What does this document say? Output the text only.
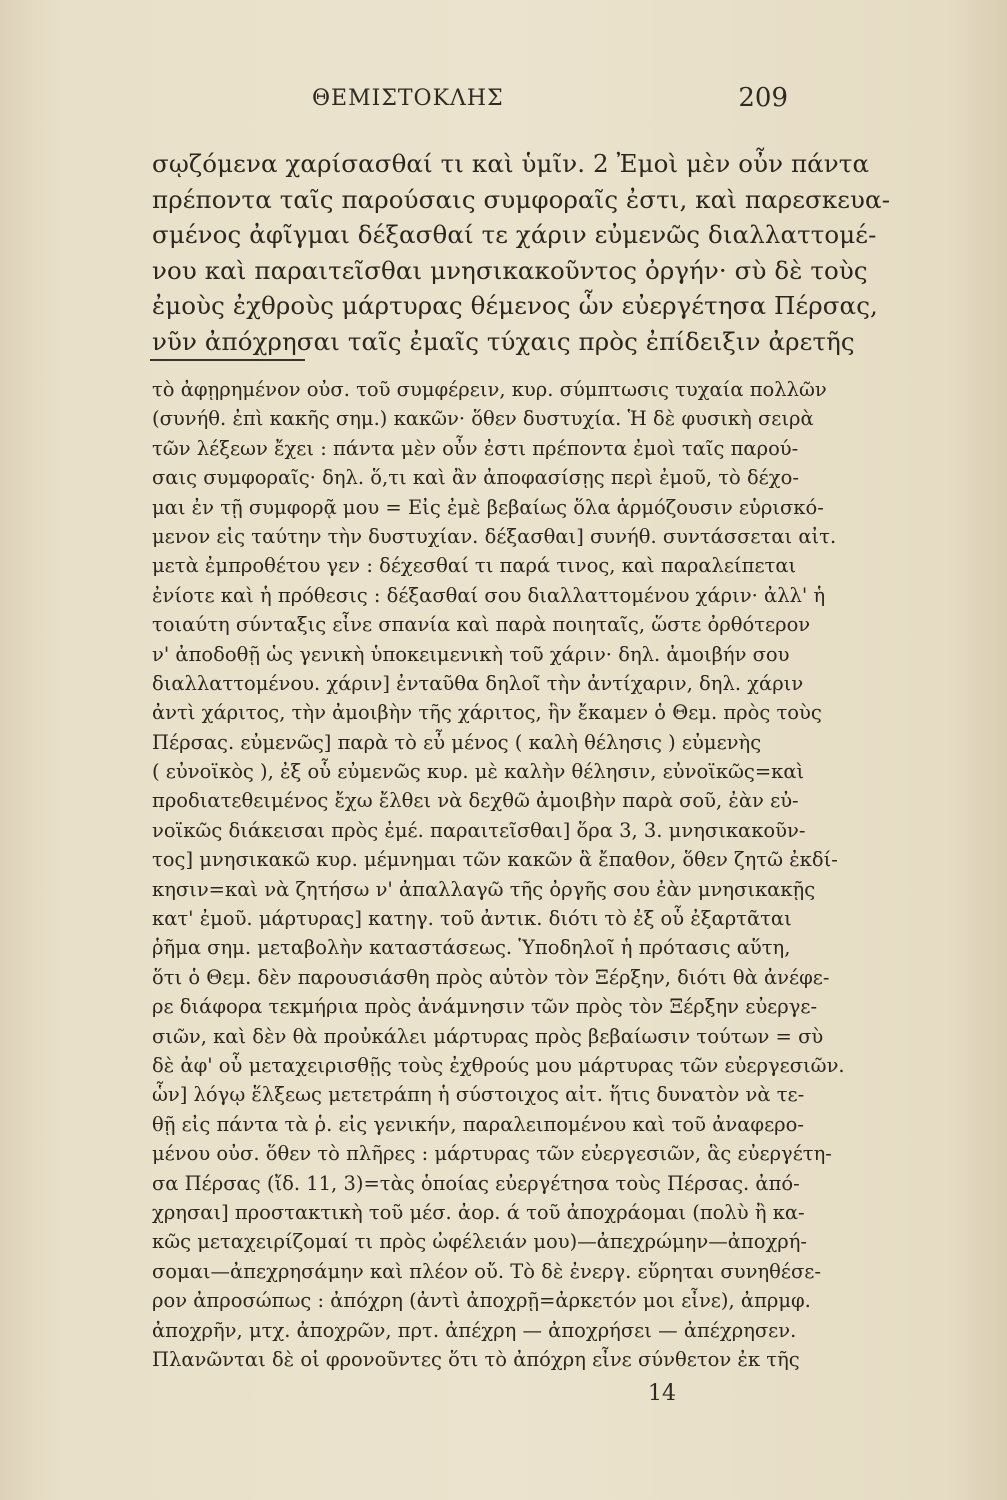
ΘΕΜΙΣΤΟΚΛΗΣ	209
σῳζόμενα χαρίσασθαί τι καὶ ὑμῖν. 2 Ἐμοὶ μὲν οὖν πάντα
πρέποντα ταῖς παρούσαις συμφοραῖς ἐστι, καὶ παρεσκευα-
σμένος ἀφῖγμαι δέξασθαί τε χάριν εὐμενῶς διαλλαττομέ-
νου καὶ παραιτεῖσθαι μνησικακοῦντος ὀργήν· σὺ δὲ τοὺς
ἐμοὺς ἐχθροὺς μάρτυρας θέμενος ὧν εὐεργέτησα Πέρσας,
νῦν ἀπόχρησαι ταῖς ἐμαῖς τύχαις πρὸς ἐπίδειξιν ἀρετῆς
τὸ ἀφῃρημένον οὐσ. τοῦ συμφέρειν, κυρ. σύμπτωσις τυχαία πολλῶν
(συνήθ. ἐπὶ κακῆς σημ.) κακῶν· ὅθεν δυστυχία. Ἡ δὲ φυσικὴ σειρὰ
τῶν λέξεων ἔχει : πάντα μὲν οὖν ἐστι πρέποντα ἐμοὶ ταῖς παρού-
σαις συμφοραῖς· δηλ. ὅ,τι καὶ ἂν ἀποφασίσῃς περὶ ἐμοῦ, τὸ δέχο-
μαι ἐν τῇ συμφορᾷ μου = Εἰς ἐμὲ βεβαίως ὅλα ἁρμόζουσιν εὑρισκό-
μενον εἰς ταύτην τὴν δυστυχίαν. δέξασθαι] συνήθ. συντάσσεται αἰτ.
μετὰ ἐμπροθέτου γεν : δέχεσθαί τι παρά τινος, καὶ παραλείπεται
ἐνίοτε καὶ ἡ πρόθεσις : δέξασθαί σου διαλλαττομένου χάριν· ἀλλ' ἡ
τοιαύτη σύνταξις εἶνε σπανία καὶ παρὰ ποιηταῖς, ὥστε ὀρθότερον
ν' ἀποδοθῇ ὡς γενικὴ ὑποκειμενικὴ τοῦ χάριν· δηλ. ἀμοιβήν σου
διαλλαττομένου. χάριν] ἐνταῦθα δηλοῖ τὴν ἀντίχαριν, δηλ. χάριν
ἀντὶ χάριτος, τὴν ἀμοιβὴν τῆς χάριτος, ἣν ἔκαμεν ὁ Θεμ. πρὸς τοὺς
Πέρσας. εὐμενῶς] παρὰ τὸ εὖ μένος ( καλὴ θέλησις ) εὐμενὴς
( εὐνοϊκὸς ), ἐξ οὗ εὐμενῶς κυρ. μὲ καλὴν θέλησιν, εὐνοϊκῶς=καὶ
προδιατεθειμένος ἔχω ἔλθει νὰ δεχθῶ ἀμοιβὴν παρὰ σοῦ, ἐὰν εὐ-
νοϊκῶς διάκεισαι πρὸς ἐμέ. παραιτεῖσθαι] ὅρα 3, 3. μνησικακοῦν-
τος] μνησικακῶ κυρ. μέμνημαι τῶν κακῶν ἃ ἔπαθον, ὅθεν ζητῶ ἐκδί-
κησιν=καὶ νὰ ζητήσω ν' ἀπαλλαγῶ τῆς ὀργῆς σου ἐὰν μνησικακῇς
κατ' ἐμοῦ. μάρτυρας] κατηγ. τοῦ ἀντικ. διότι τὸ ἐξ οὗ ἐξαρτᾶται
ῥῆμα σημ. μεταβολὴν καταστάσεως. Ὑποδηλοῖ ἡ πρότασις αὕτη,
ὅτι ὁ Θεμ. δὲν παρουσιάσθη πρὸς αὐτὸν τὸν Ξέρξην, διότι θὰ ἀνέφε-
ρε διάφορα τεκμήρια πρὸς ἀνάμνησιν τῶν πρὸς τὸν Ξέρξην εὐεργε-
σιῶν, καὶ δὲν θὰ προὐκάλει μάρτυρας πρὸς βεβαίωσιν τούτων = σὺ
δὲ ἀφ' οὗ μεταχειρισθῇς τοὺς ἐχθρούς μου μάρτυρας τῶν εὐεργεσιῶν.
ὧν] λόγῳ ἕλξεως μετετράπη ἡ σύστοιχος αἰτ. ἥτις δυνατὸν νὰ τε-
θῇ εἰς πάντα τὰ ῥ. εἰς γενικήν, παραλειπομένου καὶ τοῦ ἀναφερο-
μένου οὐσ. ὅθεν τὸ πλῆρες : μάρτυρας τῶν εὐεργεσιῶν, ἃς εὐεργέτη-
σα Πέρσας (ἴδ. 11, 3)=τὰς ὁποίας εὐεργέτησα τοὺς Πέρσας. ἀπό-
χρησαι] προστακτικὴ τοῦ μέσ. ἀορ. ά τοῦ ἀποχράομαι (πολὺ ἢ κα-
κῶς μεταχειρίζομαί τι πρὸς ὠφέλειάν μου)—ἀπεχρώμην—ἀποχρή-
σομαι—ἀπεχρησάμην καὶ πλέον οὔ. Τὸ δὲ ἐνεργ. εὕρηται συνηθέσε-
ρον ἀπροσώπως : ἀπόχρη (ἀντὶ ἀποχρῇ=ἀρκετόν μοι εἶνε), ἀπρμφ.
ἀποχρῆν, μτχ. ἀποχρῶν, πρτ. ἀπέχρη — ἀποχρήσει — ἀπέχρησεν.
Πλανῶνται δὲ οἱ φρονοῦντες ὅτι τὸ ἀπόχρη εἶνε σύνθετον ἐκ τῆς
14
